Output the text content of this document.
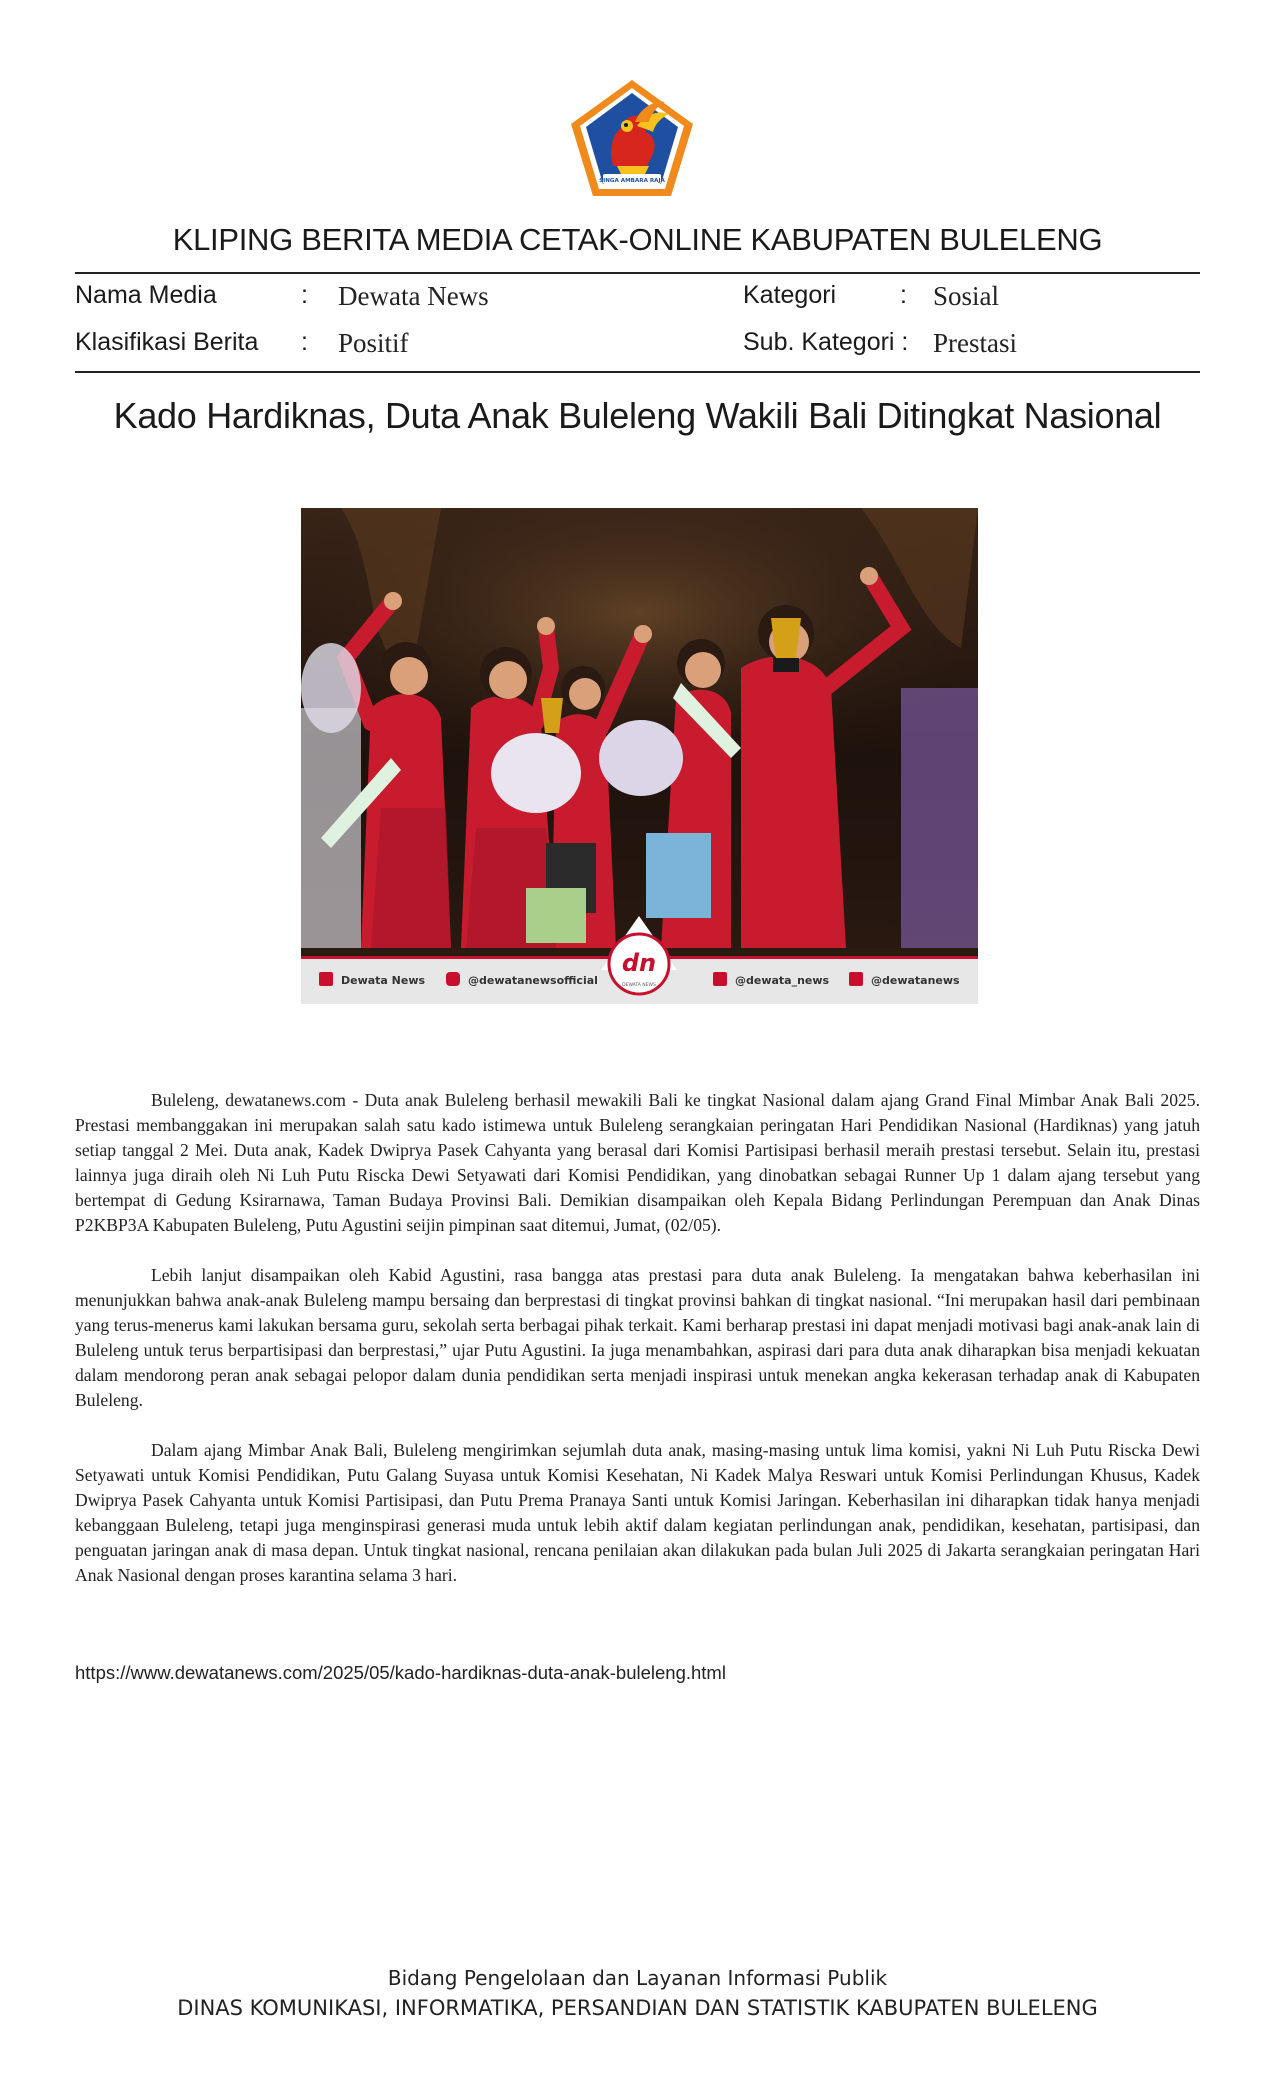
SINGA AMBARA RAJA
KLIPING BERITA MEDIA CETAK-ONLINE KABUPATEN BULELENG
Nama Media	: Dewata News	Kategori	: Sosial
Klasifikasi Berita : Positif	Sub. Kategori : Prestasi
Kado Hardiknas, Duta Anak Buleleng Wakili Bali Ditingkat Nasional
Dewata News	@dewatanewsofficial	@dewata_news	@dewatanews
dn
DEWATA NEWS

Buleleng, dewatanews.com - Duta anak Buleleng berhasil mewakili Bali ke tingkat Nasional dalam ajang Grand Final Mimbar Anak Bali 2025. Prestasi membanggakan ini merupakan salah satu kado istimewa untuk Buleleng serangkaian peringatan Hari Pendidikan Nasional (Hardiknas) yang jatuh setiap tanggal 2 Mei. Duta anak, Kadek Dwiprya Pasek Cahyanta yang berasal dari Komisi Partisipasi berhasil meraih prestasi tersebut. Selain itu, prestasi lainnya juga diraih oleh Ni Luh Putu Riscka Dewi Setyawati dari Komisi Pendidikan, yang dinobatkan sebagai Runner Up 1 dalam ajang tersebut yang bertempat di Gedung Ksirarnawa, Taman Budaya Provinsi Bali. Demikian disampaikan oleh Kepala Bidang Perlindungan Perempuan dan Anak Dinas P2KBP3A Kabupaten Buleleng, Putu Agustini seijin pimpinan saat ditemui, Jumat, (02/05).

Lebih lanjut disampaikan oleh Kabid Agustini, rasa bangga atas prestasi para duta anak Buleleng. Ia mengatakan bahwa keberhasilan ini menunjukkan bahwa anak-anak Buleleng mampu bersaing dan berprestasi di tingkat provinsi bahkan di tingkat nasional. “Ini merupakan hasil dari pembinaan yang terus-menerus kami lakukan bersama guru, sekolah serta berbagai pihak terkait. Kami berharap prestasi ini dapat menjadi motivasi bagi anak-anak lain di Buleleng untuk terus berpartisipasi dan berprestasi,” ujar Putu Agustini. Ia juga menambahkan, aspirasi dari para duta anak diharapkan bisa menjadi kekuatan dalam mendorong peran anak sebagai pelopor dalam dunia pendidikan serta menjadi inspirasi untuk menekan angka kekerasan terhadap anak di Kabupaten Buleleng.

Dalam ajang Mimbar Anak Bali, Buleleng mengirimkan sejumlah duta anak, masing-masing untuk lima komisi, yakni Ni Luh Putu Riscka Dewi Setyawati untuk Komisi Pendidikan, Putu Galang Suyasa untuk Komisi Kesehatan, Ni Kadek Malya Reswari untuk Komisi Perlindungan Khusus, Kadek Dwiprya Pasek Cahyanta untuk Komisi Partisipasi, dan Putu Prema Pranaya Santi untuk Komisi Jaringan. Keberhasilan ini diharapkan tidak hanya menjadi kebanggaan Buleleng, tetapi juga menginspirasi generasi muda untuk lebih aktif dalam kegiatan perlindungan anak, pendidikan, kesehatan, partisipasi, dan penguatan jaringan anak di masa depan. Untuk tingkat nasional, rencana penilaian akan dilakukan pada bulan Juli 2025 di Jakarta serangkaian peringatan Hari Anak Nasional dengan proses karantina selama 3 hari.

https://www.dewatanews.com/2025/05/kado-hardiknas-duta-anak-buleleng.html
Bidang Pengelolaan dan Layanan Informasi Publik
DINAS KOMUNIKASI, INFORMATIKA, PERSANDIAN DAN STATISTIK KABUPATEN BULELENG
